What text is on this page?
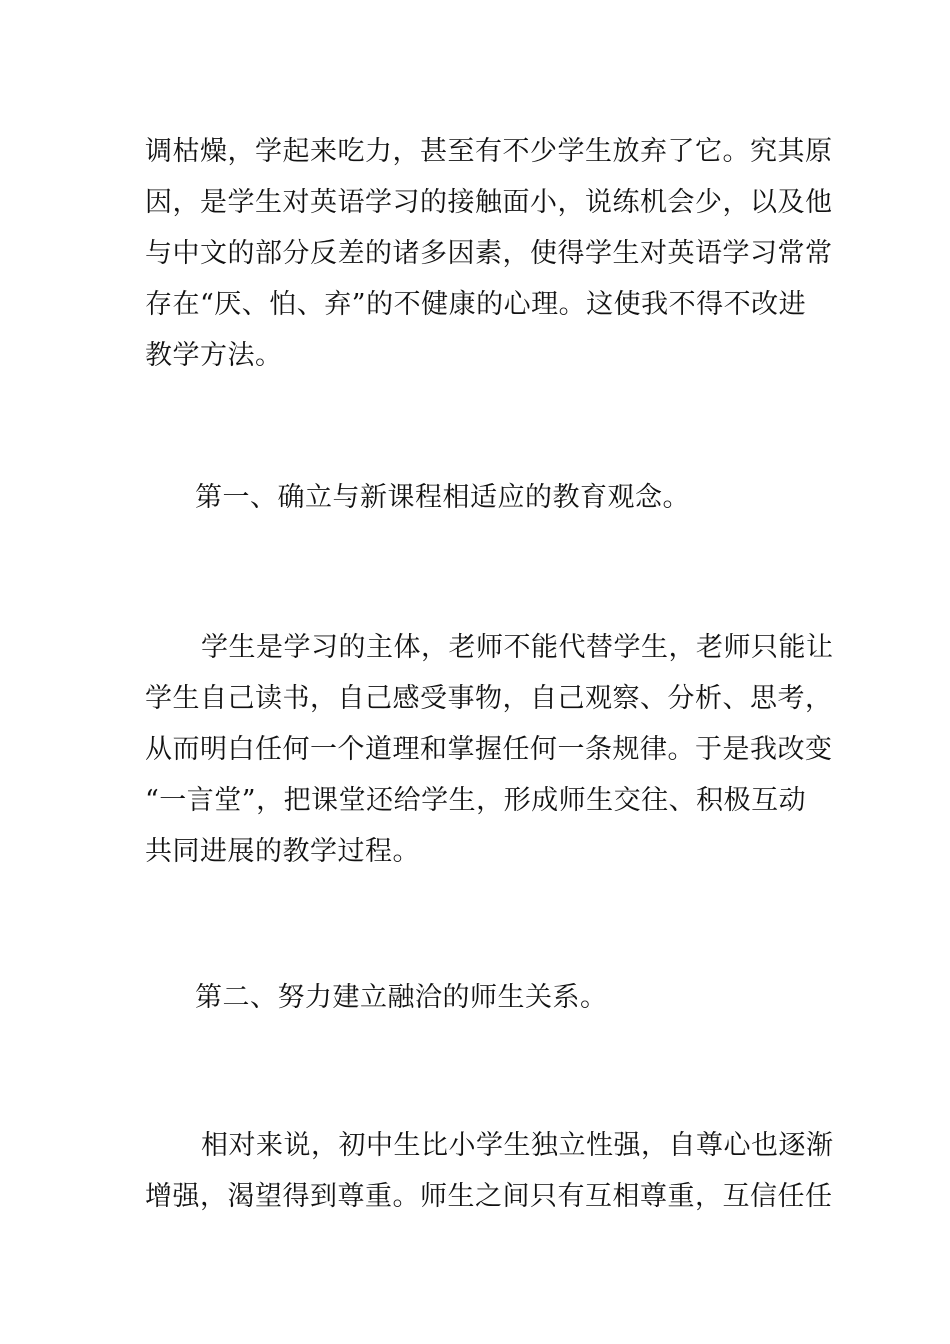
调枯燥，学起来吃力，甚至有不少学生放弃了它。究其原
因，是学生对英语学习的接触面小，说练机会少，以及他
与中文的部分反差的诸多因素，使得学生对英语学习常常
存在“厌、怕、弃”的不健康的心理。这使我不得不改进
教学方法。
第一、确立与新课程相适应的教育观念。
学生是学习的主体，老师不能代替学生，老师只能让
学生自己读书，自己感受事物，自己观察、分析、思考，
从而明白任何一个道理和掌握任何一条规律。于是我改变
“一言堂”，把课堂还给学生，形成师生交往、积极互动
共同进展的教学过程。
第二、努力建立融洽的师生关系。
相对来说，初中生比小学生独立性强，自尊心也逐渐
增强，渴望得到尊重。师生之间只有互相尊重，互信任任
